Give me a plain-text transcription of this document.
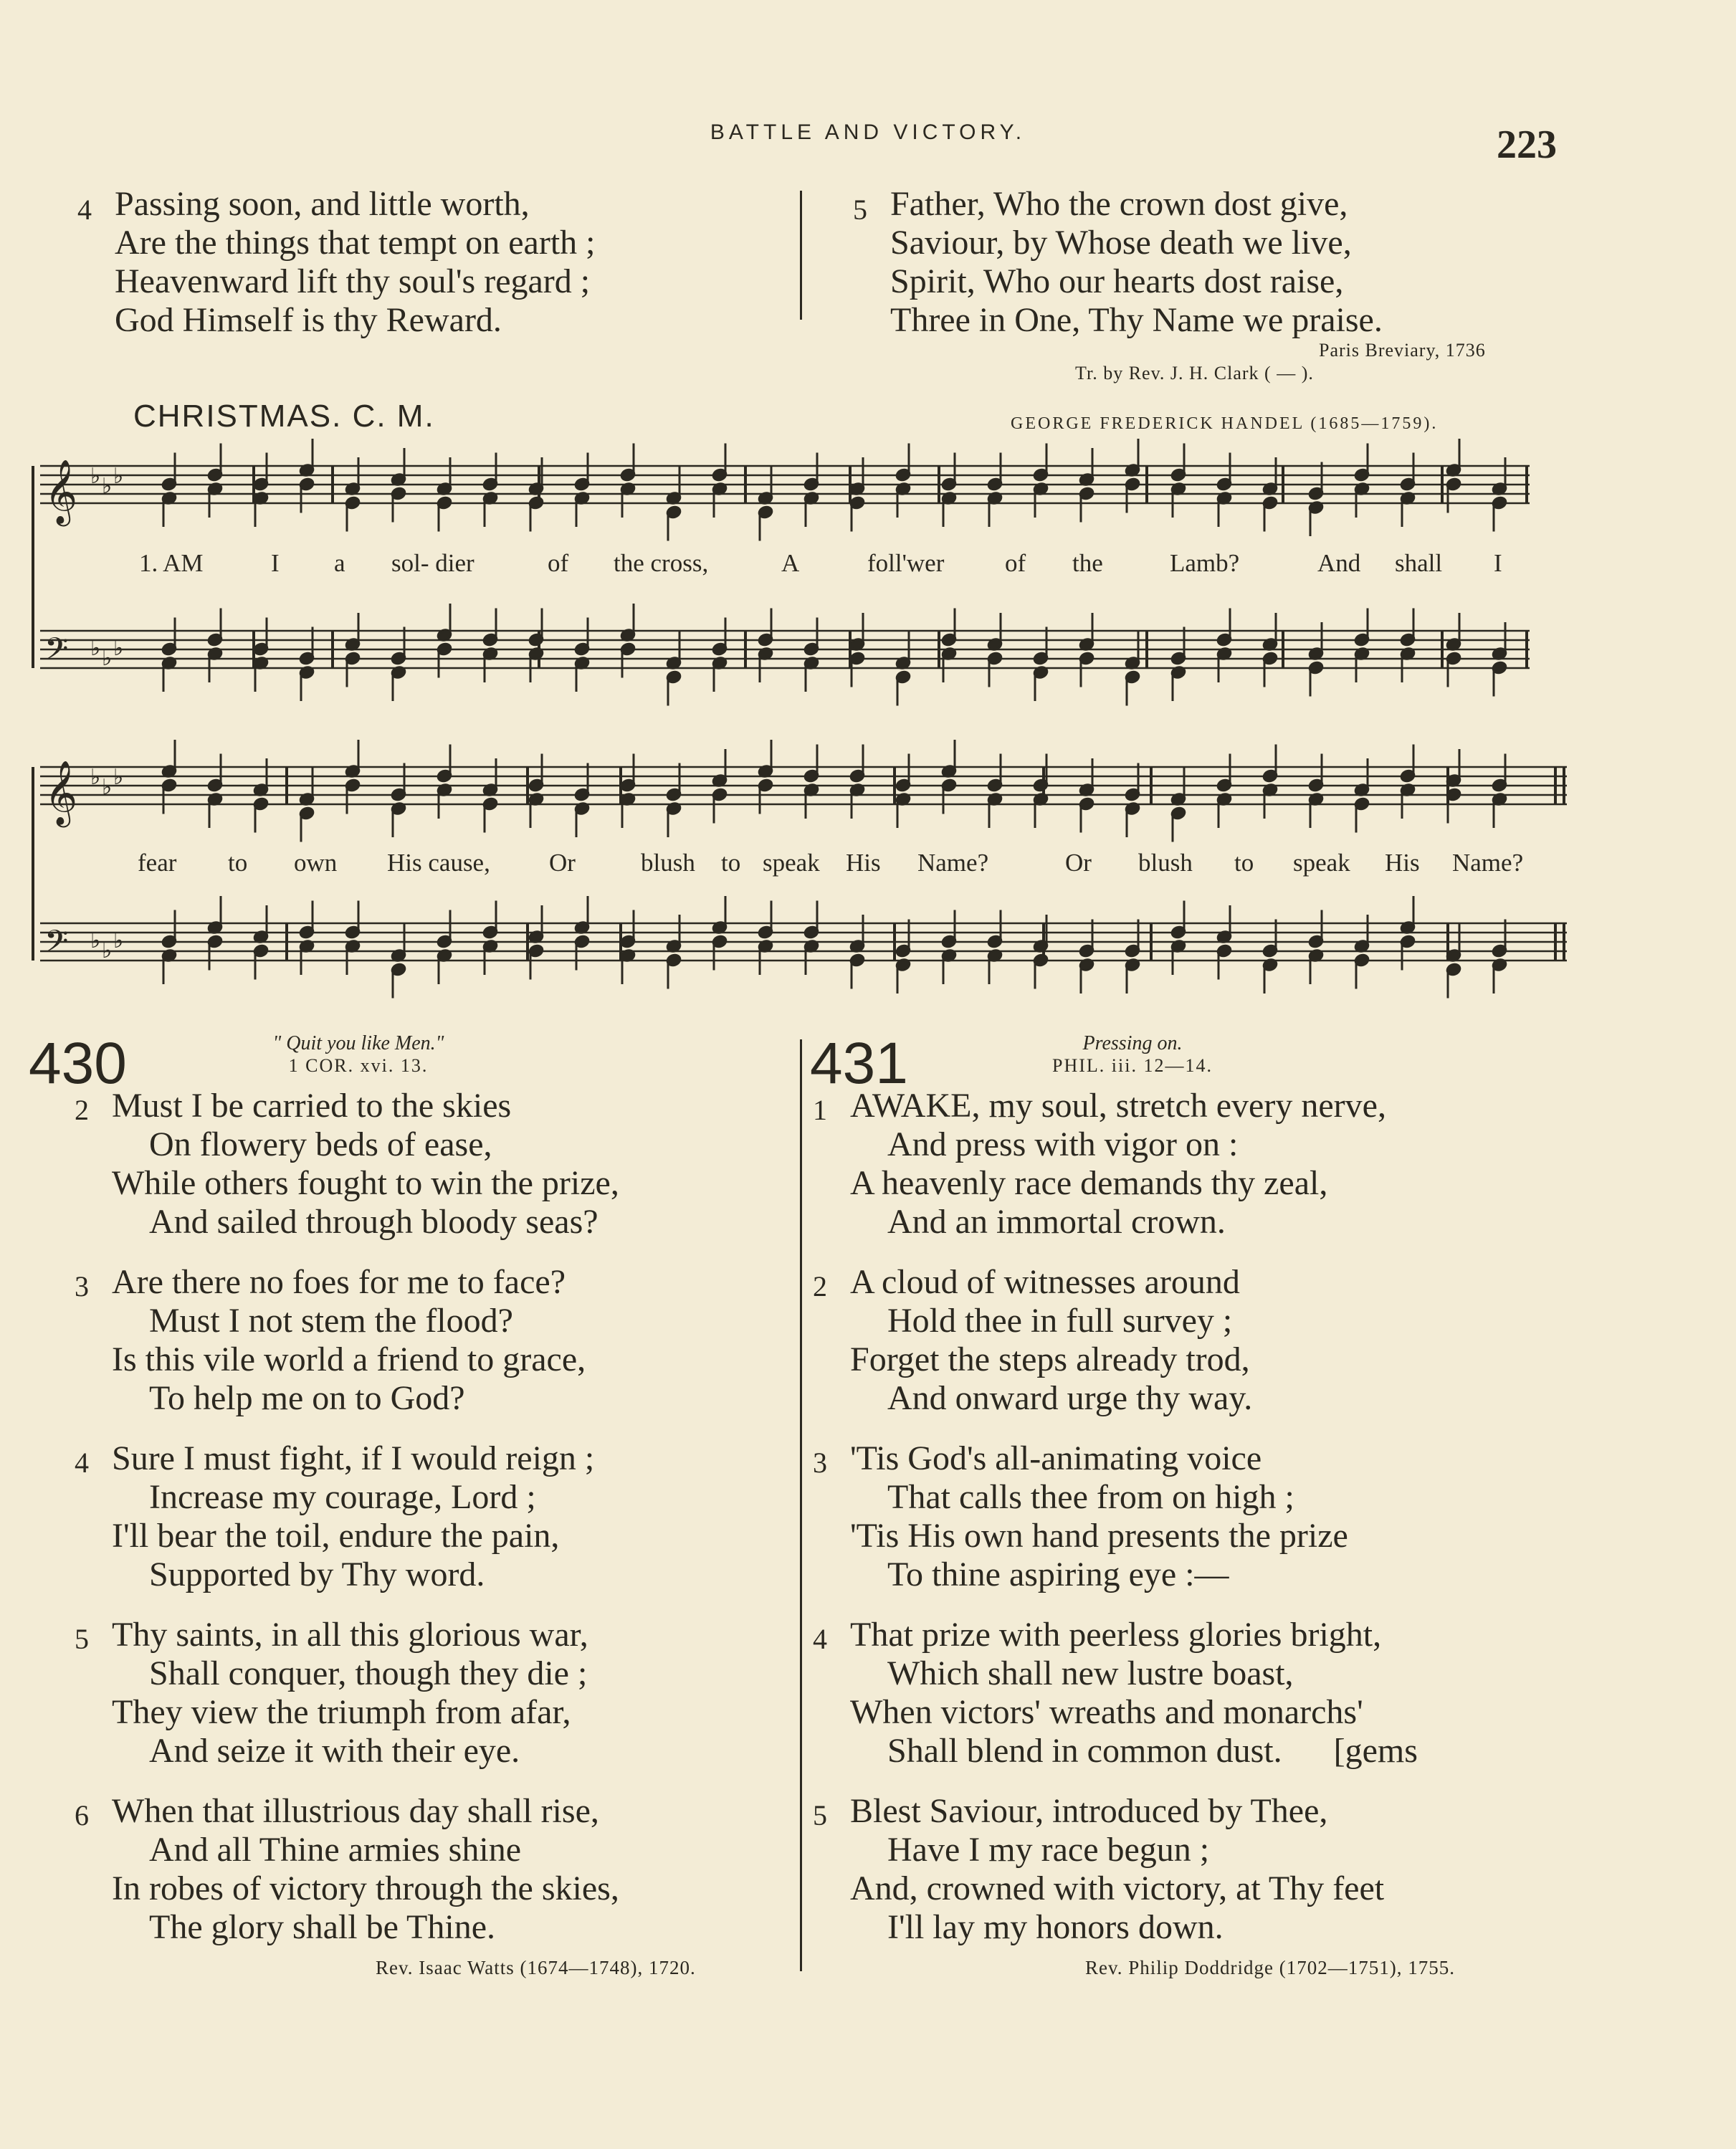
BATTLE AND VICTORY.	223
4 Passing soon, and little worth,
Are the things that tempt on earth ;
Heavenward lift thy soul's regard ;
God Himself is thy Reward.
5 Father, Who the crown dost give,
Saviour, by Whose death we live,
Spirit, Who our hearts dost raise,
Three in One, Thy Name we praise.
Paris Breviary, 1736
Tr. by Rev. J. H. Clark ( — ).
CHRISTMAS. C. M.	GEORGE FREDERICK HANDEL (1685—1759).
𝄞 ♭ ♭ ♭
𝄢 ♭ ♭ ♭
𝄞 ♭ ♭ ♭
𝄢 ♭ ♭ ♭
1. AM	I a sol- dier	of the cross,	A	foll'wer of the	Lamb?	And shall I
fear to own His cause, Or	blush to speak His Name?	Or blush to speak His Name?
430	" Quit you like Men."
1 COR. xvi. 13.
2 Must I be carried to the skies
On flowery beds of ease,
While others fought to win the prize,
And sailed through bloody seas?
3 Are there no foes for me to face?
Must I not stem the flood?
Is this vile world a friend to grace,
To help me on to God?
4 Sure I must fight, if I would reign ;
Increase my courage, Lord ;
I'll bear the toil, endure the pain,
Supported by Thy word.
5 Thy saints, in all this glorious war,
Shall conquer, though they die ;
They view the triumph from afar,
And seize it with their eye.
6 When that illustrious day shall rise,
And all Thine armies shine
In robes of victory through the skies,
The glory shall be Thine.
Rev. Isaac Watts (1674—1748), 1720.
431	Pressing on.
PHIL. iii. 12—14.
1 AWAKE, my soul, stretch every nerve,
And press with vigor on :
A heavenly race demands thy zeal,
And an immortal crown.
2 A cloud of witnesses around
Hold thee in full survey ;
Forget the steps already trod,
And onward urge thy way.
3 'Tis God's all-animating voice
That calls thee from on high ;
'Tis His own hand presents the prize
To thine aspiring eye :—
4 That prize with peerless glories bright,
Which shall new lustre boast,
When victors' wreaths and monarchs'
Shall blend in common dust.      [gems
5 Blest Saviour, introduced by Thee,
Have I my race begun ;
And, crowned with victory, at Thy feet
I'll lay my honors down.
Rev. Philip Doddridge (1702—1751), 1755.
